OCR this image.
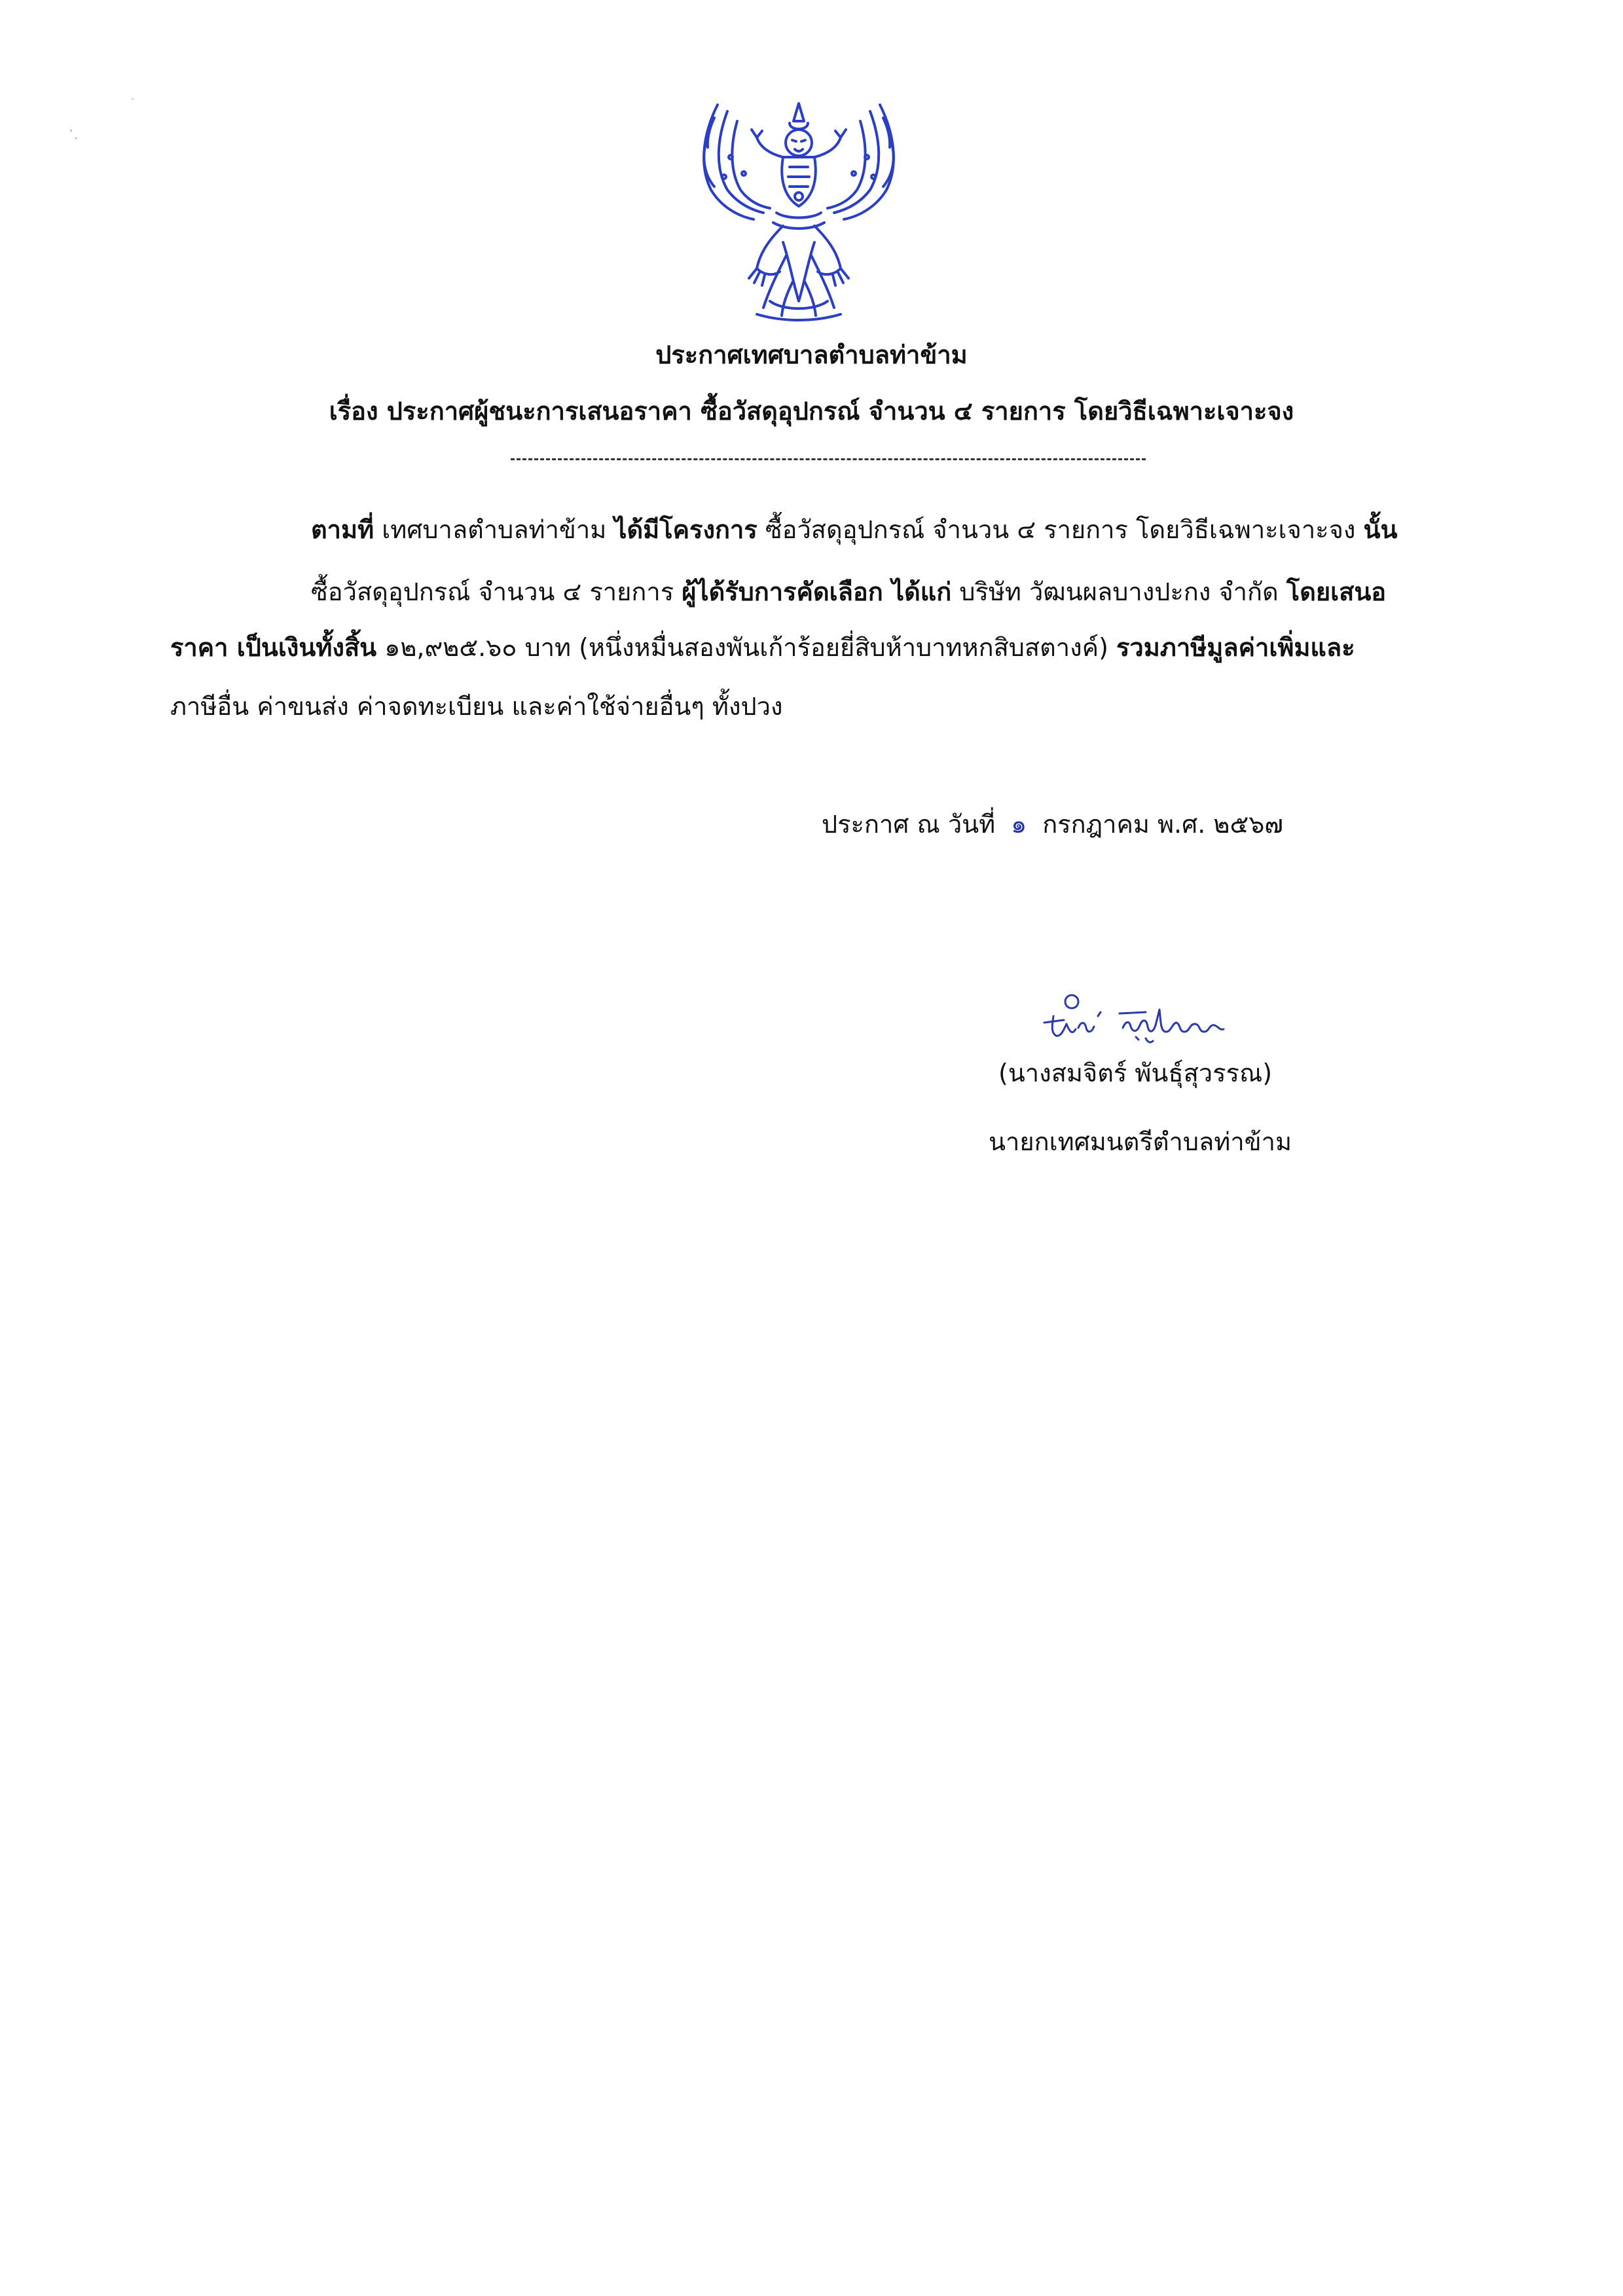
˙
᾿.
ประกาศเทศบาลตำบลท่าข้าม
เรื่อง ประกาศผู้ชนะการเสนอราคา ซื้อวัสดุอุปกรณ์ จำนวน ๔ รายการ โดยวิธีเฉพาะเจาะจง
ตามที่ เทศบาลตำบลท่าข้าม ได้มีโครงการ ซื้อวัสดุอุปกรณ์ จำนวน ๔ รายการ โดยวิธีเฉพาะเจาะจง นั้น
ซื้อวัสดุอุปกรณ์ จำนวน ๔ รายการ ผู้ได้รับการคัดเลือก ได้แก่ บริษัท วัฒนผลบางปะกง จำกัด โดยเสนอ
ราคา เป็นเงินทั้งสิ้น ๑๒,๙๒๕.๖๐ บาท (หนึ่งหมื่นสองพันเก้าร้อยยี่สิบห้าบาทหกสิบสตางค์) รวมภาษีมูลค่าเพิ่มและ
ภาษีอื่น ค่าขนส่ง ค่าจดทะเบียน และค่าใช้จ่ายอื่นๆ ทั้งปวง
ประกาศ ณ วันที่ ๑ กรกฎาคม พ.ศ. ๒๕๖๗
(นางสมจิตร์ พันธุ์สุวรรณ)
นายกเทศมนตรีตำบลท่าข้าม
